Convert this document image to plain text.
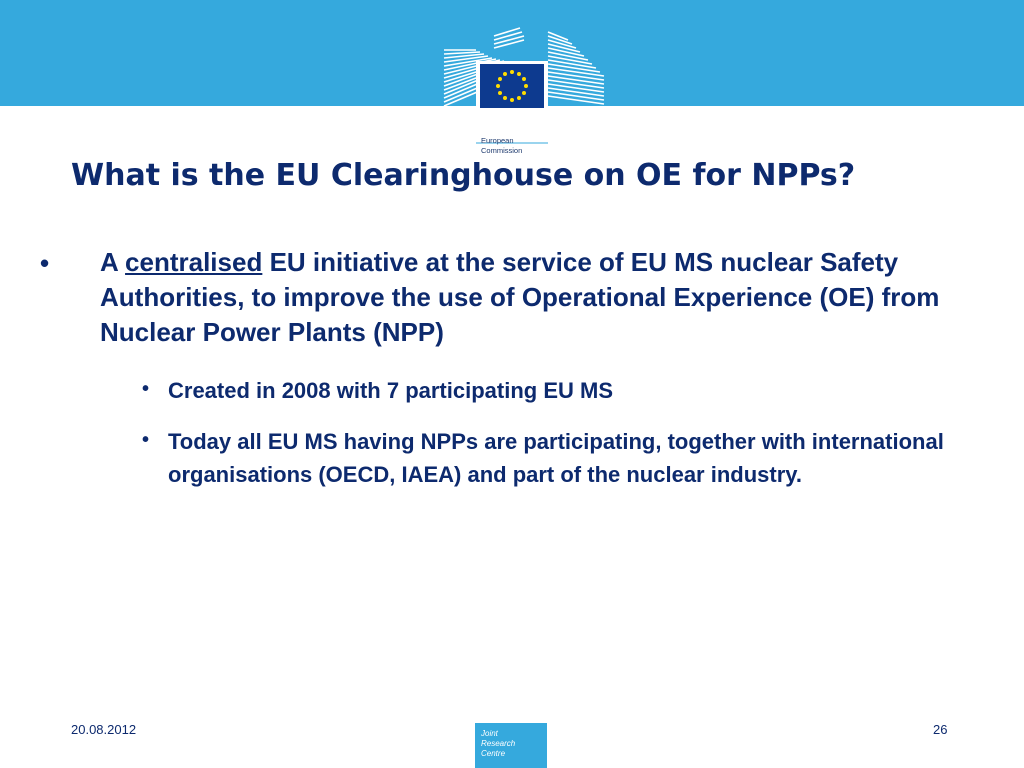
European
Commission
What is the EU Clearinghouse on OE for NPPs?
• A centralised EU initiative at the service of EU MS nuclear Safety Authorities, to improve the use of Operational Experience (OE) from Nuclear Power Plants (NPP)
• Created in 2008 with 7 participating EU MS
• Today all EU MS having NPPs are participating, together with international organisations (OECD, IAEA) and part of the nuclear industry.
20.08.2012	Joint
Research
Centre
26
